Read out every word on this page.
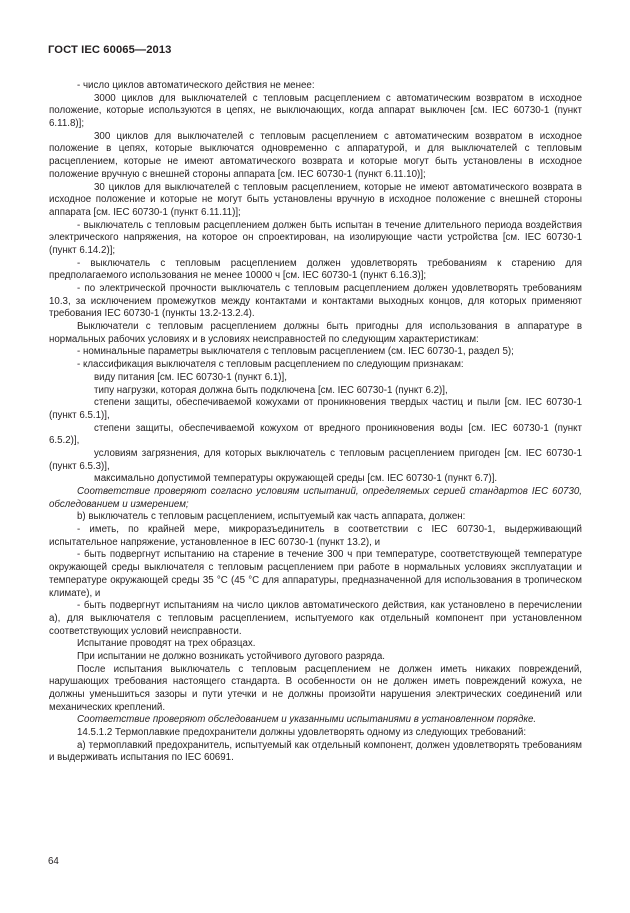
ГОСТ IEC 60065—2013

- число циклов автоматического действия не менее:

3000 циклов для выключателей с тепловым расцеплением с автоматическим возвратом в исходное положение, которые используются в цепях, не выключающих, когда аппарат выключен [см. IEC 60730-1 (пункт 6.11.8)];

300 циклов для выключателей с тепловым расцеплением с автоматическим возвратом в исходное положение в цепях, которые выключатся одновременно с аппаратурой, и для выключателей с тепловым расцеплением, которые не имеют автоматического возврата и которые могут быть установлены в исходное положение вручную с внешней стороны аппарата [см. IEC 60730-1 (пункт 6.11.10)];

30 циклов для выключателей с тепловым расцеплением, которые не имеют автоматического возврата в исходное положение и которые не могут быть установлены вручную в исходное положение с внешней стороны аппарата [см. IEC 60730-1 (пункт 6.11.11)];

- выключатель с тепловым расцеплением должен быть испытан в течение длительного периода воздействия электрического напряжения, на которое он спроектирован, на изолирующие части устройства [см. IEC 60730-1 (пункт 6.14.2)];

- выключатель с тепловым расцеплением должен удовлетворять требованиям к старению для предполагаемого использования не менее 10000 ч [см. IEC 60730-1 (пункт 6.16.3)];

- по электрической прочности выключатель с тепловым расцеплением должен удовлетворять требованиям 10.3, за исключением промежутков между контактами и контактами выходных концов, для которых применяют требования IEC 60730-1 (пункты 13.2-13.2.4).

Выключатели с тепловым расцеплением должны быть пригодны для использования в аппаратуре в нормальных рабочих условиях и в условиях неисправностей по следующим характеристикам:

- номинальные параметры выключателя с тепловым расцеплением (см. IEC 60730-1, раздел 5);

- классификация выключателя с тепловым расцеплением по следующим признакам:

виду питания [см. IEC 60730-1 (пункт 6.1)],

типу нагрузки, которая должна быть подключена [см. IEC 60730-1 (пункт 6.2)],

степени защиты, обеспечиваемой кожухами от проникновения твердых частиц и пыли [см. IEC 60730-1 (пункт 6.5.1)],

степени защиты, обеспечиваемой кожухом от вредного проникновения воды [см. IEC 60730-1 (пункт 6.5.2)],

условиям загрязнения, для которых выключатель с тепловым расцеплением пригоден [см. IEC 60730-1 (пункт 6.5.3)],

максимально допустимой температуры окружающей среды [см. IEC 60730-1 (пункт 6.7)].

Соответствие проверяют согласно условиям испытаний, определяемых серией стандартов IEC 60730, обследованием и измерением;

b) выключатель с тепловым расцеплением, испытуемый как часть аппарата, должен:

- иметь, по крайней мере, микроразъединитель в соответствии с IEC 60730-1, выдерживающий испытательное напряжение, установленное в IEC 60730-1 (пункт 13.2), и

- быть подвергнут испытанию на старение в течение 300 ч при температуре, соответствующей температуре окружающей среды выключателя с тепловым расцеплением при работе в нормальных условиях эксплуатации и температуре окружающей среды 35 °С (45 °С для аппаратуры, предназначенной для использования в тропическом климате), и

- быть подвергнут испытаниям на число циклов автоматического действия, как установлено в перечислении а), для выключателя с тепловым расцеплением, испытуемого как отдельный компонент при установленном соответствующих условий неисправности.

Испытание проводят на трех образцах.

При испытании не должно возникать устойчивого дугового разряда.

После испытания выключатель с тепловым расцеплением не должен иметь никаких повреждений, нарушающих требования настоящего стандарта. В особенности он не должен иметь повреждений кожуха, не должны уменьшиться зазоры и пути утечки и не должны произойти нарушения электрических соединений или механических креплений.

Соответствие проверяют обследованием и указанными испытаниями в установленном порядке.

14.5.1.2 Термоплавкие предохранители должны удовлетворять одному из следующих требований:

а) термоплавкий предохранитель, испытуемый как отдельный компонент, должен удовлетворять требованиям и выдерживать испытания по IEC 60691.

64
